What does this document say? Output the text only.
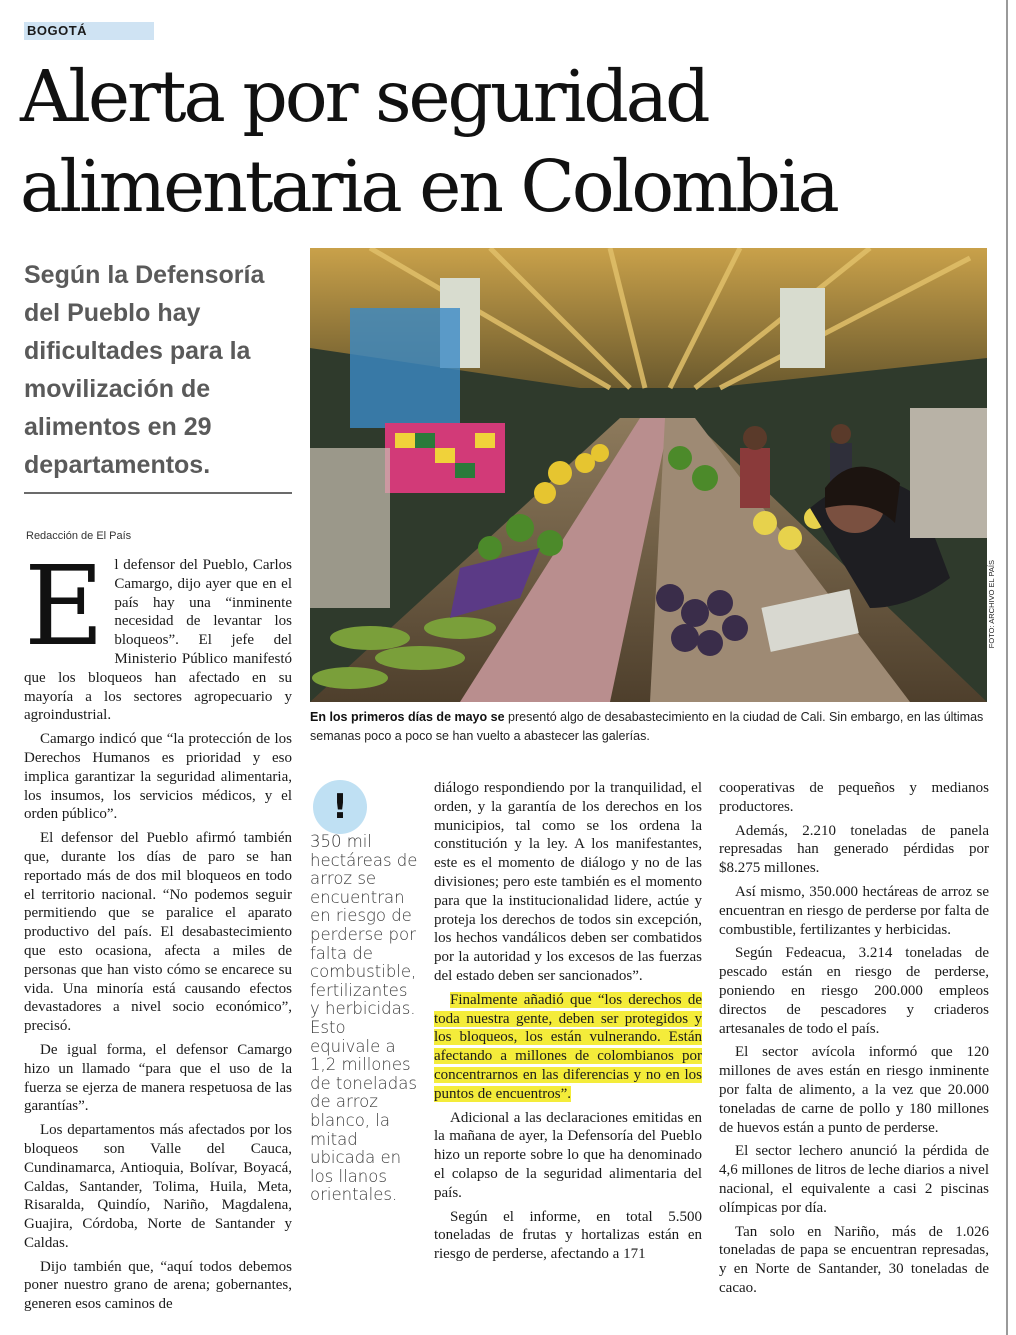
BOGOTÁ
Alerta por seguridad alimentaria en Colombia

Según la Defensoría del Pueblo hay dificultades para la movilización de alimentos en 29 departamentos.

Redacción de El País
E l defensor del Pueblo, Carlos Camargo, dijo ayer que en el país hay una “inminente necesidad de levantar los bloqueos”. El jefe del Ministerio Público manifestó que los bloqueos han afectado en su mayoría a los sectores agropecuario y agroindustrial.

Camargo indicó que “la protección de los Derechos Humanos es prioridad y eso implica garantizar la seguridad alimentaria, los insumos, los servicios médicos, y el orden público”.

El defensor del Pueblo afirmó también que, durante los días de paro se han reportado más de dos mil bloqueos en todo el territorio nacional. “No podemos seguir permitiendo que se paralice el aparato productivo del país. El desabastecimiento que esto ocasiona, afecta a miles de personas que han visto cómo se encarece su vida. Una minoría está causando efectos devastadores a nivel socio económico”, precisó.

De igual forma, el defensor Camargo hizo un llamado “para que el uso de la fuerza se ejerza de manera respetuosa de las garantías”.

Los departamentos más afectados por los bloqueos son Valle del Cauca, Cundinamarca, Antioquia, Bolívar, Boyacá, Caldas, Santander, Tolima, Huila, Meta, Risaralda, Quindío, Nariño, Magdalena, Guajira, Córdoba, Norte de Santander y Caldas.

Dijo también que, “aquí todos debemos poner nuestro grano de arena; gobernantes, generen esos caminos de

FOTO: ARCHIVO EL PAÍS
En los primeros días de mayo se presentó algo de desabastecimiento en la ciudad de Cali. Sin embargo, en las últimas semanas poco a poco se han vuelto a abastecer las galerías.
!
350 mil hectáreas de arroz se encuentran en riesgo de perderse por falta de combustible, fertilizantes y herbicidas. Esto equivale a 1,2 millones de toneladas de arroz blanco, la mitad ubicada en los llanos orientales.

diálogo respondiendo por la tranquilidad, el orden, y la garantía de los derechos en los municipios, tal como se los ordena la constitución y la ley. A los manifestantes, este es el momento de diálogo y no de las divisiones; pero este también es el momento para que la institucionalidad lidere, actúe y proteja los derechos de todos sin excepción, los hechos vandálicos deben ser combatidos por la autoridad y los excesos de las fuerzas del estado deben ser sancionados”.

Finalmente añadió que “los derechos de toda nuestra gente, deben ser protegidos y los bloqueos, los están vulnerando. Están afectando a millones de colombianos por concentrarnos en las diferencias y no en los puntos de encuentros”.

Adicional a las declaraciones emitidas en la mañana de ayer, la Defensoría del Pueblo hizo un reporte sobre lo que ha denominado el colapso de la seguridad alimentaria del país.

Según el informe, en total 5.500 toneladas de frutas y hortalizas están en riesgo de perderse, afectando a 171

cooperativas de pequeños y medianos productores.

Además, 2.210 toneladas de panela represadas han generado pérdidas por $8.275 millones.

Así mismo, 350.000 hectáreas de arroz se encuentran en riesgo de perderse por falta de combustible, fertilizantes y herbicidas.

Según Fedeacua, 3.214 toneladas de pescado están en riesgo de perderse, poniendo en riesgo 200.000 empleos directos de pescadores y criaderos artesanales de todo el país.

El sector avícola informó que 120 millones de aves están en riesgo inminente por falta de alimento, a la vez que 20.000 toneladas de carne de pollo y 180 millones de huevos están a punto de perderse.

El sector lechero anunció la pérdida de 4,6 millones de litros de leche diarios a nivel nacional, el equivalente a casi 2 piscinas olímpicas por día.

Tan solo en Nariño, más de 1.026 toneladas de papa se encuentran represadas, y en Norte de Santander, 30 toneladas de cacao.
